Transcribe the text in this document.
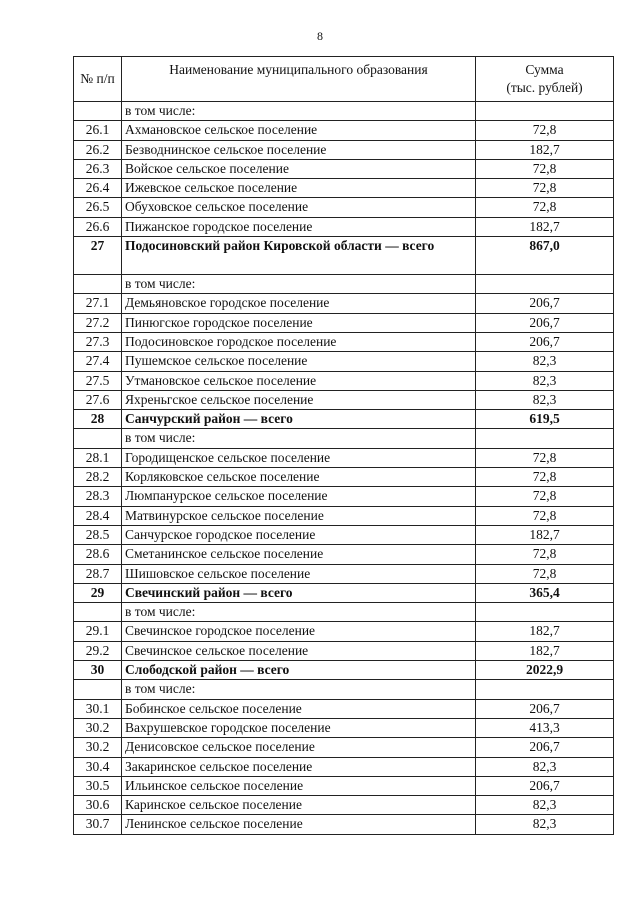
8
№ п/п	Наименование муниципального образования	Сумма
(тыс. рублей)

	в том числе:	
26.1	Ахмановское сельское поселение	72,8
26.2	Безводнинское сельское поселение	182,7
26.3	Войское сельское поселение	72,8
26.4	Ижевское сельское поселение	72,8
26.5	Обуховское сельское поселение	72,8
26.6	Пижанское городское поселение	182,7
27	Подосиновский район Кировской области — всего	867,0
	в том числе:	
27.1	Демьяновское городское поселение	206,7
27.2	Пинюгское городское поселение	206,7
27.3	Подосиновское городское поселение	206,7
27.4	Пушемское сельское поселение	82,3
27.5	Утмановское сельское поселение	82,3
27.6	Яхреньгское сельское поселение	82,3
28	Санчурский район — всего	619,5
	в том числе:	
28.1	Городищенское сельское поселение	72,8
28.2	Корляковское сельское поселение	72,8
28.3	Люмпанурское сельское поселение	72,8
28.4	Матвинурское сельское поселение	72,8
28.5	Санчурское городское поселение	182,7
28.6	Сметанинское сельское поселение	72,8
28.7	Шишовское сельское поселение	72,8
29	Свечинский район — всего	365,4
	в том числе:	
29.1	Свечинское городское поселение	182,7
29.2	Свечинское сельское поселение	182,7
30	Слободской район — всего	2022,9
	в том числе:	
30.1	Бобинское сельское поселение	206,7
30.2	Вахрушевское городское поселение	413,3
30.2	Денисовское сельское поселение	206,7
30.4	Закаринское сельское поселение	82,3
30.5	Ильинское сельское поселение	206,7
30.6	Каринское сельское поселение	82,3
30.7	Ленинское сельское поселение	82,3
